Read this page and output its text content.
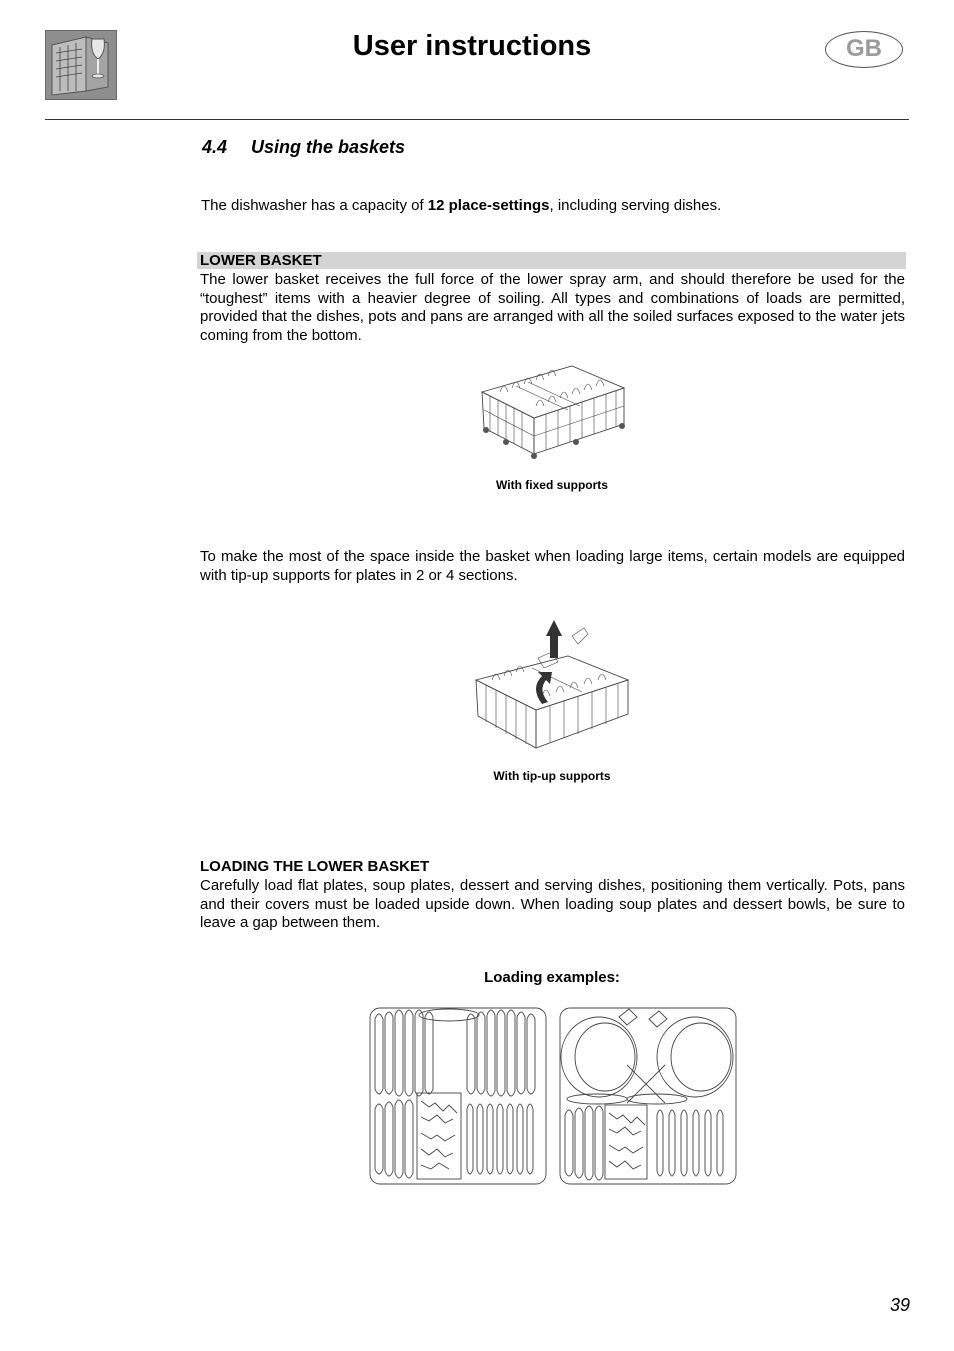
User instructions	GB
4.4 Using the baskets
The dishwasher has a capacity of 12 place-settings, including serving dishes.
LOWER BASKET
The lower basket receives the full force of the lower spray arm, and should therefore be used for the “toughest” items with a heavier degree of soiling. All types and combinations of loads are permitted, provided that the dishes, pots and pans are arranged with all the soiled surfaces exposed to the water jets coming from the bottom.
With fixed supports
To make the most of the space inside the basket when loading large items, certain models are equipped with tip-up supports for plates in 2 or 4 sections.
With tip-up supports
LOADING THE LOWER BASKET
Carefully load flat plates, soup plates, dessert and serving dishes, positioning them vertically. Pots, pans and their covers must be loaded upside down. When loading soup plates and dessert bowls, be sure to leave a gap between them.
Loading examples:
39
